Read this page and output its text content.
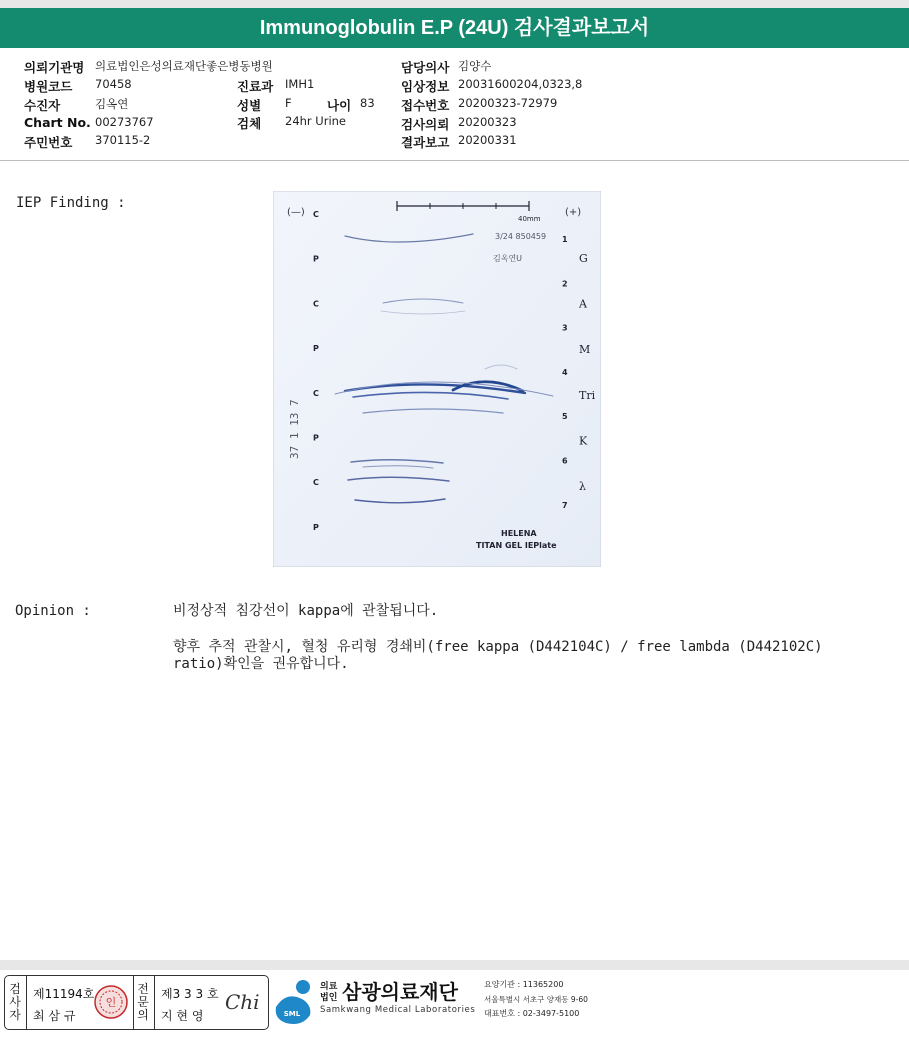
Immunoglobulin E.P (24U) 검사결과보고서
의뢰기관명 의료법인은성의료재단좋은병동병원	담당의사 김양수
병원코드 70458	진료과 IMH1	임상정보 20031600204,0323,8
수진자	김옥연	성별 F	나이 83 접수번호 20200323-72979
Chart No. 00273767	검체 24hr Urine	검사의뢰 20200323
주민번호 370115-2	결과보고 20200331
IEP Finding :
(—)	(+)
40mm
3/24 850459
김옥연U
37 1 13 7
C
P
C
P
C
P
C
P
1
2
3
4
5
6
7
G
A
M
Tri
K
λ
HELENA
TITAN GEL IEPlate
Opinion :	비정상적 침강선이 kappa에 관찰됩니다.
향후 추적 관찰시, 혈청 유리형 경쇄비(free kappa (D442104C) / free lambda (D442102C)
ratio)확인을 권유합니다.
검사자
제11194호
최 삼 규
인
전문의
제3 3 3 호
지 현 영
Chi	SML
의료
법인 삼광의료재단
Samkwang Medical Laboratories
요양기관 : 11365200
서울특별시 서초구 양재동 9-60
대표번호 : 02-3497-5100
